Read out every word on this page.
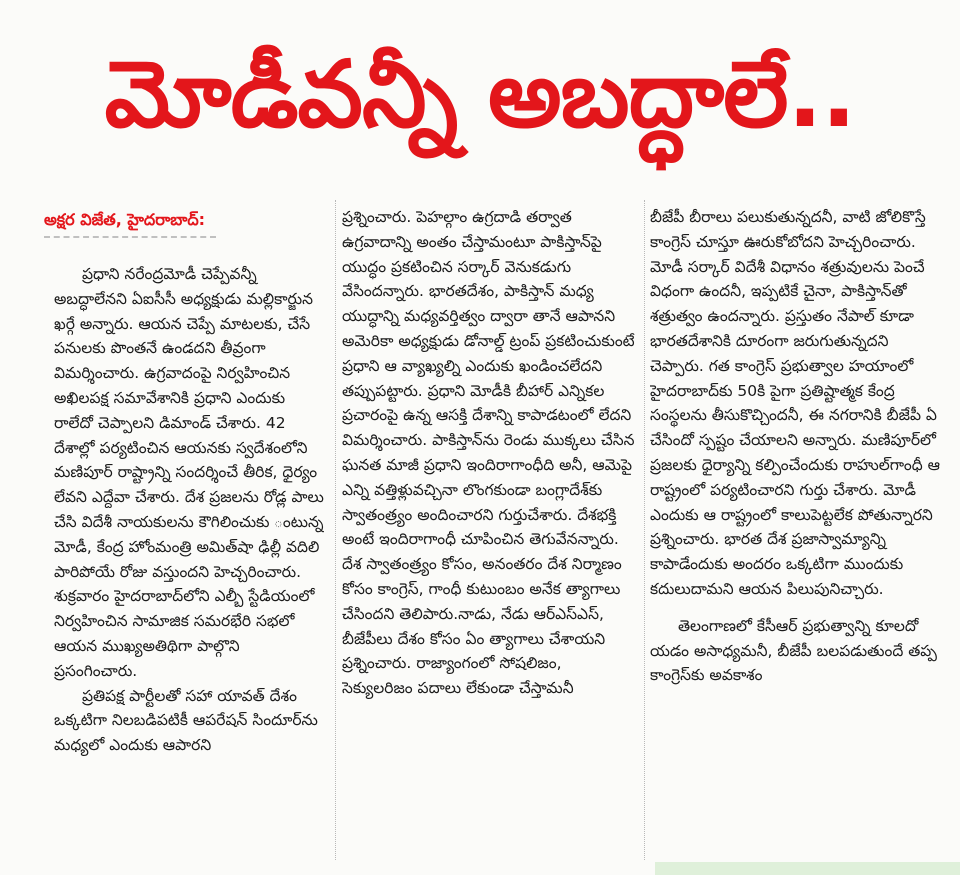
మోడీవన్నీ అబద్ధాలే..
అక్షర విజేత, హైదరాబాద్:

ప్రధాని నరేంద్రమోడీ చెప్పేవన్నీ అబద్ధాలేనని ఏఐసీసీ అధ్యక్షుడు మల్లికార్జున ఖర్గే అన్నారు. ఆయన చెప్పే మాటలకు, చేసే పనులకు పొంతనే ఉండదని తీవ్రంగా విమర్శించారు. ఉగ్రవాదంపై నిర్వహించిన అఖిలపక్ష సమావేశానికి ప్రధాని ఎందుకు రాలేదో చెప్పాలని డిమాండ్ చేశారు. 42 దేశాల్లో పర్యటించిన ఆయనకు స్వదేశంలోని మణిపూర్ రాష్ట్రాన్ని సందర్శించే తీరిక, ధైర్యం లేవని ఎద్దేవా చేశారు. దేశ ప్రజలను రోడ్ల పాలు చేసి విదేశీ నాయకులను కౌగిలించుకు ంటున్న మోడీ, కేంద్ర హోంమంత్రి అమిత్‌షా ఢిల్లీ వదిలి పారిపోయే రోజు వస్తుందని హెచ్చరించారు. శుక్రవారం హైదరాబాద్‌లోని ఎల్బీ స్టేడియంలో నిర్వహించిన సామాజిక సమరభేరి సభలో ఆయన ముఖ్యఅతిథిగా పాల్గొని ప్రసంగించారు.

ప్రతిపక్ష పార్టీలతో సహా యావత్ దేశం ఒక్కటిగా నిలబడిపటికీ ఆపరేషన్ సిందూర్‌ను మధ్యలో ఎందుకు ఆపారని

ప్రశ్నించారు. పెహల్గాం ఉగ్రదాడి తర్వాత ఉగ్రవాదాన్ని అంతం చేస్తామంటూ పాకిస్తాన్‌పై యుద్ధం ప్రకటించిన సర్కార్ వెనుకడుగు వేసిందన్నారు. భారతదేశం, పాకిస్తాన్ మధ్య యుద్ధాన్ని మధ్యవర్తిత్వం ద్వారా తానే ఆపానని అమెరికా అధ్యక్షుడు డోనాల్డ్ ట్రంప్ ప్రకటించుకుంటే ప్రధాని ఆ వ్యాఖ్యల్ని ఎందుకు ఖండించలేదని తప్పుపట్టారు. ప్రధాని మోడీకి బీహార్ ఎన్నికల ప్రచారంపై ఉన్న ఆసక్తి దేశాన్ని కాపాడటంలో లేదని విమర్శించారు. పాకిస్తాన్‌ను రెండు ముక్కలు చేసిన ఘనత మాజీ ప్రధాని ఇందిరాగాంధీది అనీ, ఆమెపై ఎన్ని వత్తిళ్లువచ్చినా లొంగకుండా బంగ్లాదేశ్‌కు స్వాతంత్ర్యం అందించారని గుర్తుచేశారు. దేశభక్తి అంటే ఇందిరాగాంధీ చూపించిన తెగువేనన్నారు. దేశ స్వాతంత్ర్యం కోసం, అనంతరం దేశ నిర్మాణం కోసం కాంగ్రెస్, గాంధీ కుటుంబం అనేక త్యాగాలు చేసిందని తెలిపారు.నాడు, నేడు ఆర్ఎస్ఎస్, బీజేపీలు దేశం కోసం ఏం త్యాగాలు చేశాయని ప్రశ్నించారు. రాజ్యాంగంలో సోషలిజం, సెక్యులరిజం పదాలు లేకుండా చేస్తామనీ

బీజేపీ బీరాలు పలుకుతున్నదనీ, వాటి జోలికొస్తే కాంగ్రెస్ చూస్తూ ఊరుకోబోదని హెచ్చరించారు. మోడీ సర్కార్ విదేశీ విధానం శత్రువులను పెంచే విధంగా ఉందనీ, ఇప్పటికే చైనా, పాకిస్తాన్‌తో శత్రుత్వం ఉందన్నారు. ప్రస్తుతం నేపాల్ కూడా భారతదేశానికి దూరంగా జరుగుతున్నదని చెప్పారు. గత కాంగ్రెస్ ప్రభుత్వాల హయాంలో హైదరాబాద్‌కు 50కి పైగా ప్రతిష్టాత్మక కేంద్ర సంస్థలను తీసుకొచ్చిందనీ, ఈ నగరానికి బీజేపీ ఏ చేసిందో స్పష్టం చేయాలని అన్నారు. మణిపూర్‌లో ప్రజలకు ధైర్యాన్ని కల్పించేందుకు రాహుల్‌గాంధీ ఆ రాష్ట్రంలో పర్యటించారని గుర్తు చేశారు. మోడీ ఎందుకు ఆ రాష్ట్రంలో కాలుపెట్టలేక పోతున్నారని ప్రశ్నించారు. భారత దేశ ప్రజాస్వామ్యాన్ని కాపాడేందుకు అందరం ఒక్కటిగా ముందుకు కదులుదామని ఆయన పిలుపునిచ్చారు.

తెలంగాణలో కేసీఆర్ ప్రభుత్వాన్ని కూలదో యడం అసాధ్యమనీ, బీజేపీ బలపడుతుందే తప్ప కాంగ్రెస్‌కు అవకాశం
